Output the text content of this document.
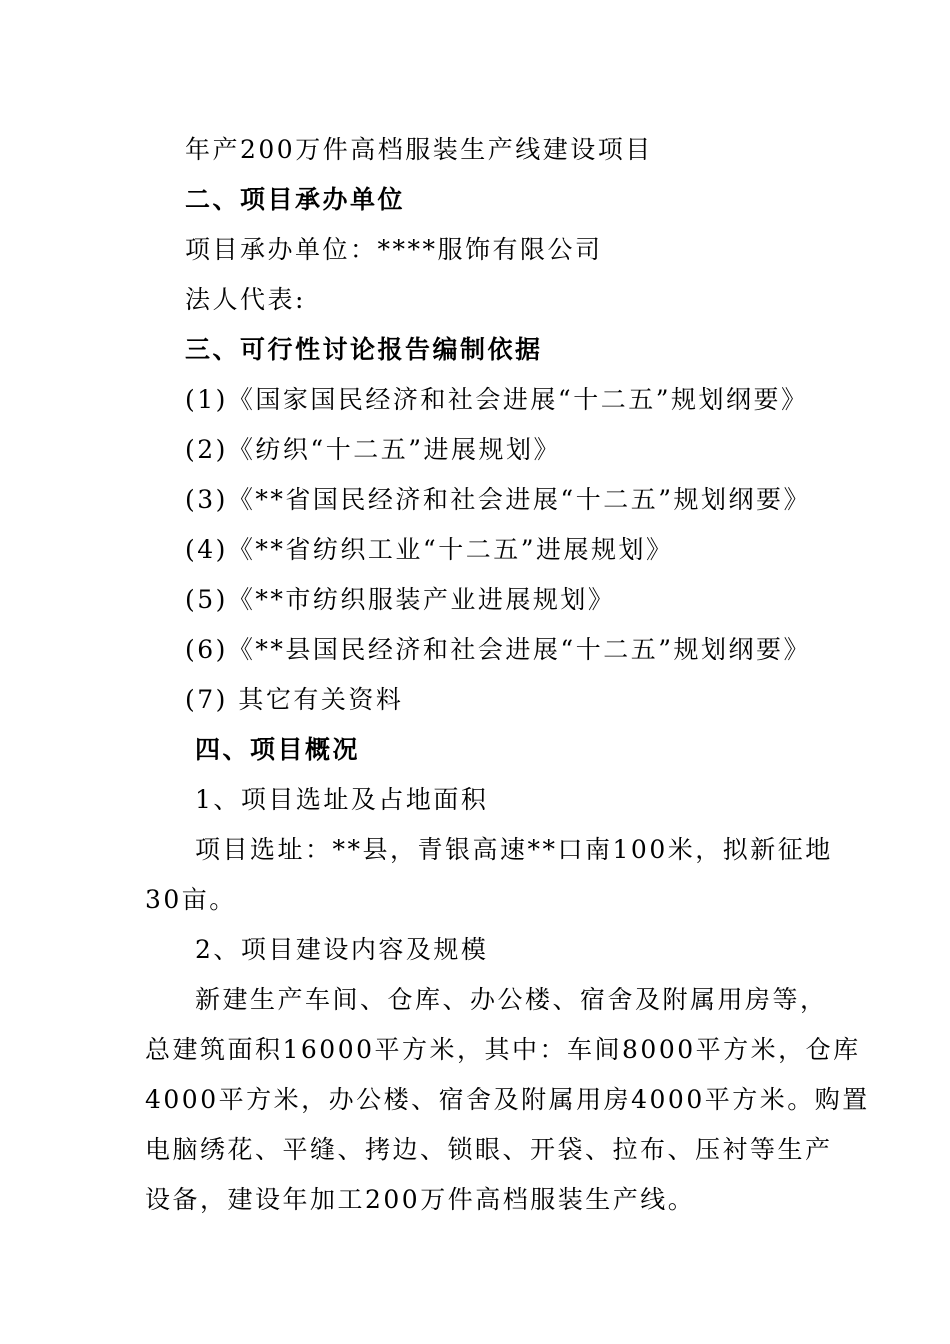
年产200万件高档服装生产线建设项目
二、项目承办单位
项目承办单位：****服饰有限公司
法人代表:
三、可行性讨论报告编制依据
(1)《国家国民经济和社会进展“十二五”规划纲要》
(2)《纺织“十二五”进展规划》
(3)《**省国民经济和社会进展“十二五”规划纲要》
(4)《**省纺织工业“十二五”进展规划》
(5)《**市纺织服装产业进展规划》
(6)《**县国民经济和社会进展“十二五”规划纲要》
(7) 其它有关资料
四、项目概况
1、项目选址及占地面积
项目选址：**县，青银高速**口南100米，拟新征地
30亩。
2、项目建设内容及规模
新建生产车间、仓库、办公楼、宿舍及附属用房等，
总建筑面积16000平方米，其中：车间8000平方米，仓库
4000平方米，办公楼、宿舍及附属用房4000平方米。购置
电脑绣花、平缝、拷边、锁眼、开袋、拉布、压衬等生产
设备，建设年加工200万件高档服装生产线。
